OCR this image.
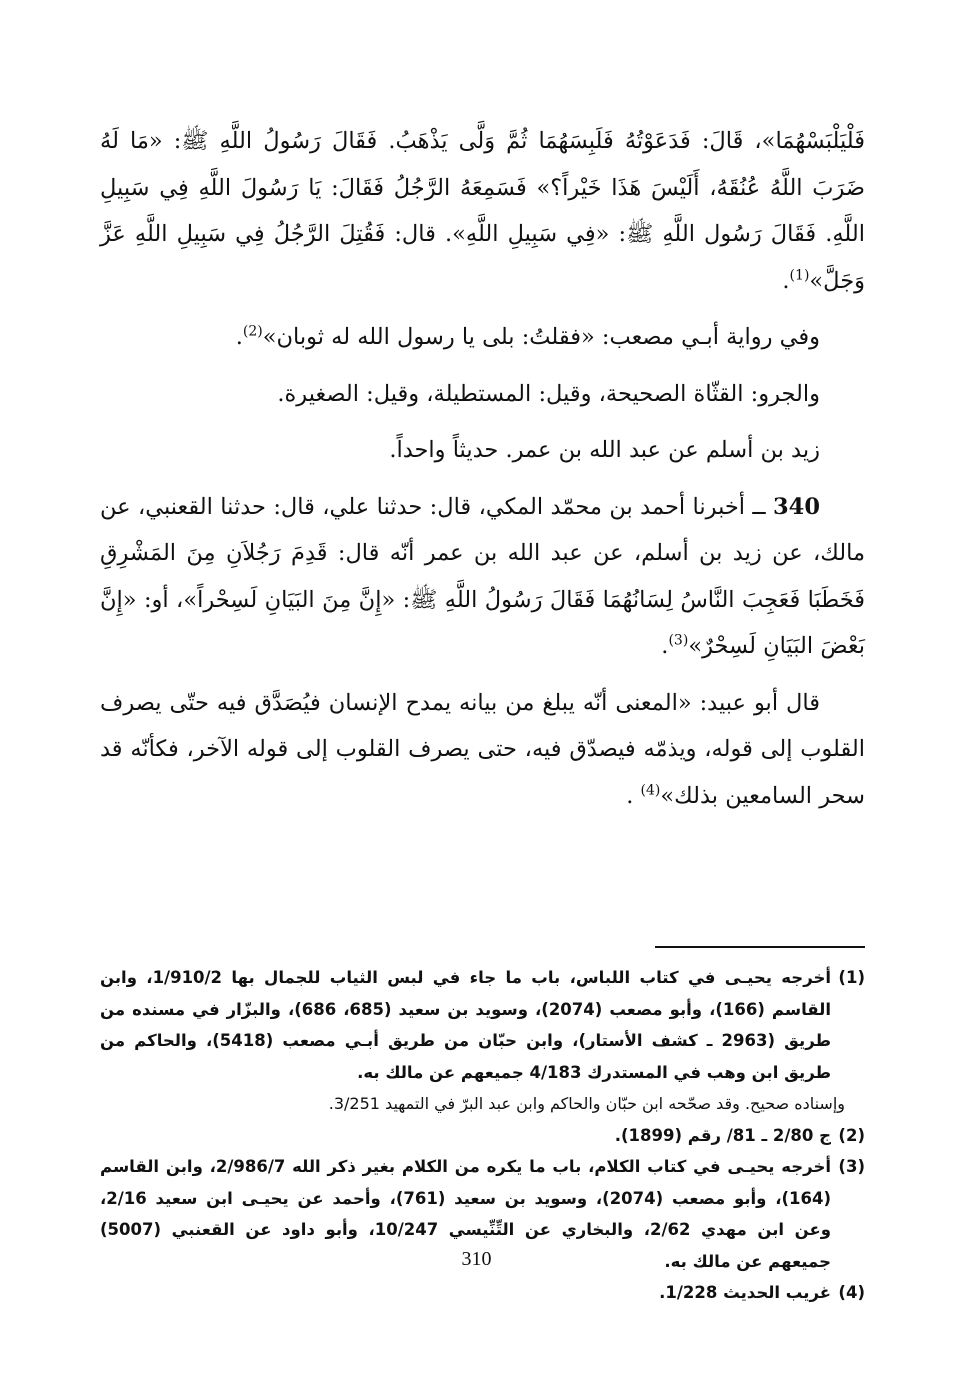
فَلْيَلْبَسْهُمَا»، قَالَ: فَدَعَوْتُهُ فَلَبِسَهُمَا ثُمَّ وَلَّى يَذْهَبُ. فَقَالَ رَسُولُ اللَّهِ ﷺ: «مَا لَهُ ضَرَبَ اللَّهُ عُنُقَهُ، أَلَيْسَ هَذَا خَيْراً؟» فَسَمِعَهُ الرَّجُلُ فَقَالَ: يَا رَسُولَ اللَّهِ فِي سَبِيلِ اللَّهِ. فَقَالَ رَسُول اللَّهِ ﷺ: «فِي سَبِيلِ اللَّهِ». قال: فَقُتِلَ الرَّجُلُ فِي سَبِيلِ اللَّهِ عَزَّ وَجَلَّ»$^{(1)}$.

وفي رواية أبـي مصعب: «فقلتُ: بلى يا رسول الله له ثوبان»$^{(2)}$.

والجرو: القثّاة الصحيحة، وقيل: المستطيلة، وقيل: الصغيرة.

زيد بن أسلم عن عبد الله بن عمر. حديثاً واحداً.

340 ــ أخبرنا أحمد بن محمّد المكي، قال: حدثنا علي، قال: حدثنا القعنبي، عن مالك، عن زيد بن أسلم، عن عبد الله بن عمر أنّه قال: قَدِمَ رَجُلاَنِ مِنَ المَشْرِقِ فَخَطَبَا فَعَجِبَ النَّاسُ لِسَانُهُمَا فَقَالَ رَسُولُ اللَّهِ ﷺ: «إِنَّ مِنَ البَيَانِ لَسِحْراً»، أو: «إِنَّ بَعْضَ البَيَانِ لَسِحْرٌ»$^{(3)}$.

قال أبو عبيد: «المعنى أنّه يبلغ من بيانه يمدح الإنسان فيُصَدَّق فيه حتّى يصرف القلوب إلى قوله، ويذمّه فيصدّق فيه، حتى يصرف القلوب إلى قوله الآخر، فكأنّه قد سحر السامعين بذلك»$^{(4)}$ .

(1)
أخرجه يحيـى في كتاب اللباس، باب ما جاء في لبس الثياب للجمال بها 1/910/2، وابن القاسم (166)، وأبو مصعب (2074)، وسويد بن سعيد (685، 686)، والبزّار في مسنده من طريق (2963 ـ كشف الأستار)، وابن حبّان من طريق أبـي مصعب (5418)، والحاكم من طريق ابن وهب في المستدرك 4/183 جميعهم عن مالك به.
وإسناده صحيح. وقد صحّحه ابن حبّان والحاكم وابن عبد البرّ في التمهيد 3/251.
(2)
ج 2/80 ـ 81/ رقم (1899).
(3)
أخرجه يحيـى في كتاب الكلام، باب ما يكره من الكلام بغير ذكر الله 2/986/7، وابن القاسم (164)، وأبو مصعب (2074)، وسويد بن سعيد (761)، وأحمد عن يحيـى ابن سعيد 2/16، وعن ابن مهدي 2/62، والبخاري عن التِّنِّيسي 10/247، وأبو داود عن القعنبي (5007) جميعهم عن مالك به.
(4)
غريب الحديث 1/228.
310
